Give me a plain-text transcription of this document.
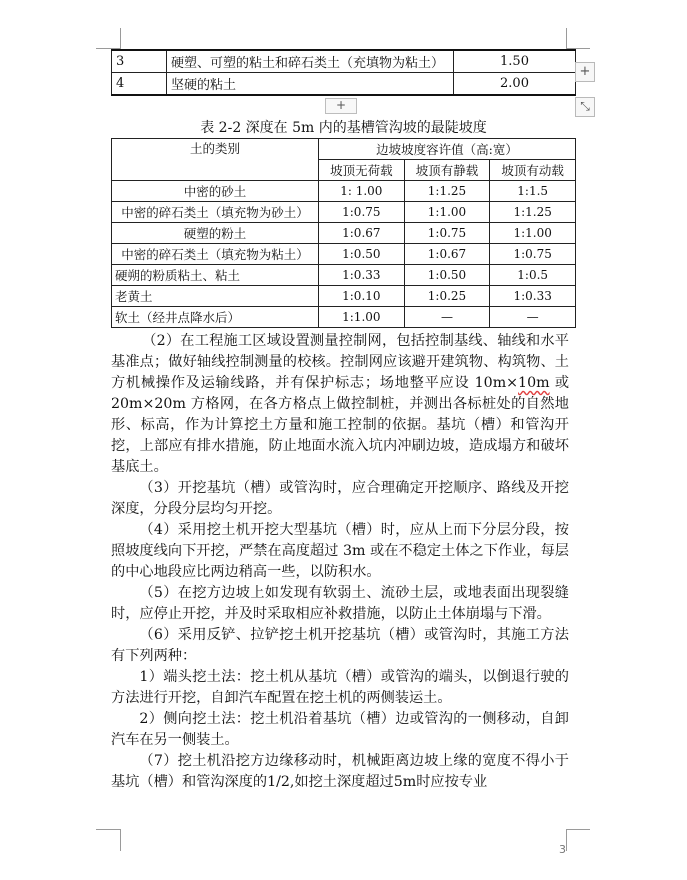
3	硬塑、可塑的粘土和碎石类土（充填物为粘土）	1.50
4	坚硬的粘土	2.00
+
⤡
+
表 2-2 深度在 5m 内的基槽管沟坡的最陡坡度
土的类别	边坡坡度容许值（高:宽）		
	坡顶无荷载	坡顶有静载	坡顶有动载
中密的砂土	1: 1.00	1:1.25	1:1.5
中密的碎石类土（填充物为砂土）	1:0.75	1:1.00	1:1.25
硬塑的粉土	1:0.67	1:0.75	1:1.00
中密的碎石类土（填充物为粘土）	1:0.50	1:0.67	1:0.75
硬朔的粉质粘土、粘土	1:0.33	1:0.50	1:0.5
老黄土	1:0.10	1:0.25	1:0.33
软土（经井点降水后）	1:1.00	—	—

（2）在工程施工区域设置测量控制网，包括控制基线、轴线和水平基准点；做好轴线控制测量的校核。控制网应该避开建筑物、构筑物、土方机械操作及运输线路，并有保护标志；场地整平应设 10m×10m 或 20m×20m 方格网，在各方格点上做控制桩，并测出各标桩处的自然地形、标高，作为计算挖土方量和施工控制的依据。基坑（槽）和管沟开挖，上部应有排水措施，防止地面水流入坑内冲刷边坡，造成塌方和破坏基底土。

（3）开挖基坑（槽）或管沟时，应合理确定开挖顺序、路线及开挖深度，分段分层均匀开挖。

（4）采用挖土机开挖大型基坑（槽）时，应从上而下分层分段，按照坡度线向下开挖，严禁在高度超过 3m 或在不稳定土体之下作业，每层的中心地段应比两边稍高一些，以防积水。

（5）在挖方边坡上如发现有软弱土、流砂土层，或地表面出现裂缝时，应停止开挖，并及时采取相应补救措施，以防止土体崩塌与下滑。

（6）采用反铲、拉铲挖土机开挖基坑（槽）或管沟时，其施工方法有下列两种：

1）端头挖土法：挖土机从基坑（槽）或管沟的端头，以倒退行驶的方法进行开挖，自卸汽车配置在挖土机的两侧装运土。

2）侧向挖土法：挖土机沿着基坑（槽）边或管沟的一侧移动，自卸汽车在另一侧装土。

（7）挖土机沿挖方边缘移动时，机械距离边坡上缘的宽度不得小于基坑（槽）和管沟深度的1/2,如挖土深度超过5m时应按专业

3
